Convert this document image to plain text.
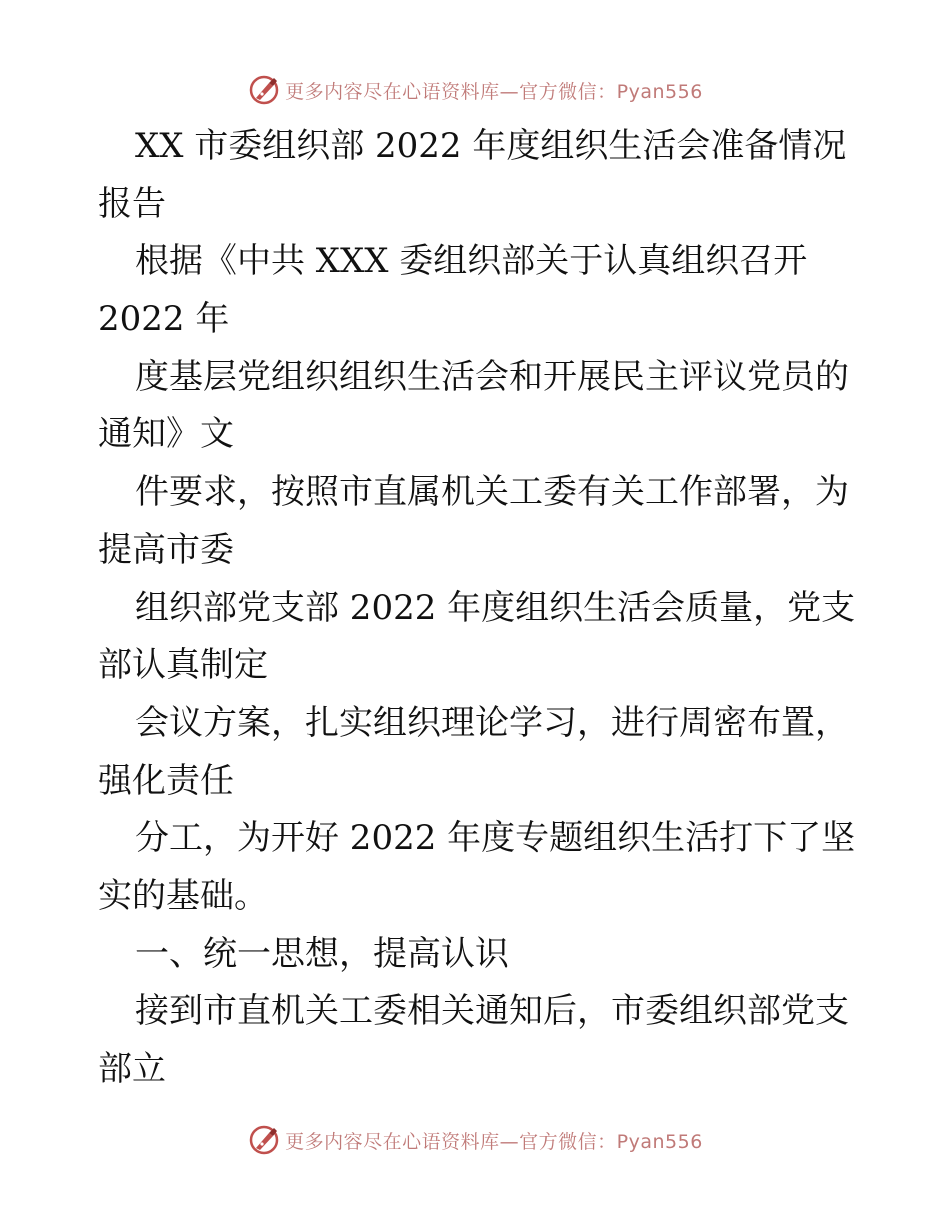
更多内容尽在心语资料库—官方微信：Pyan556
XX 市委组织部 2022 年度组织生活会准备情况
报告
根据《中共 XXX 委组织部关于认真组织召开
2022 年
度基层党组织组织生活会和开展民主评议党员的
通知》文
件要求，按照市直属机关工委有关工作部署，为
提高市委
组织部党支部 2022 年度组织生活会质量，党支
部认真制定
会议方案，扎实组织理论学习，进行周密布置，
强化责任
分工，为开好 2022 年度专题组织生活打下了坚
实的基础。
一、统一思想，提高认识
接到市直机关工委相关通知后，市委组织部党支
部立
更多内容尽在心语资料库—官方微信：Pyan556
